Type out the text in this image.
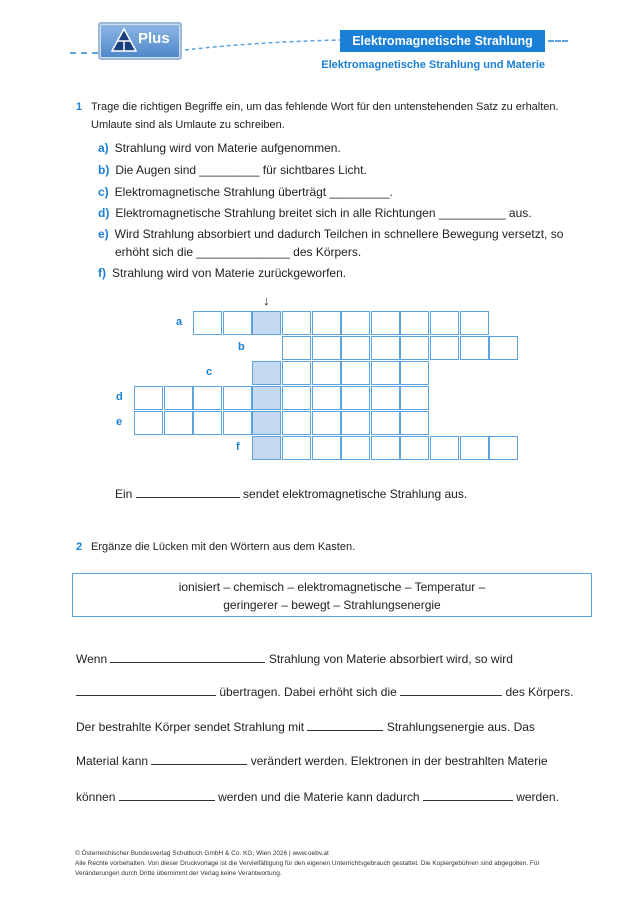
Plus	Elektromagnetische Strahlung
Elektromagnetische Strahlung und Materie
1 Trage die richtigen Begriffe ein, um das fehlende Wort für den untenstehenden Satz zu erhalten.
Umlaute sind als Umlaute zu schreiben.
a) Strahlung wird von Materie aufgenommen.
b) Die Augen sind _________ für sichtbares Licht.
c) Elektromagnetische Strahlung überträgt _________.
d) Elektromagnetische Strahlung breitet sich in alle Richtungen __________ aus.
e) Wird Strahlung absorbiert und dadurch Teilchen in schnellere Bewegung versetzt, so
erhöht sich die ______________ des Körpers.
f) Strahlung wird von Materie zurückgeworfen.
↓
a
b
c
d
e
f
Ein	sendet elektromagnetische Strahlung aus.
2 Ergänze die Lücken mit den Wörtern aus dem Kasten.
ionisiert – chemisch – elektromagnetische – Temperatur –
geringerer – bewegt – Strahlungsenergie
Wenn	Strahlung von Materie absorbiert wird, so wird
übertragen. Dabei erhöht sich die	des Körpers.
Der bestrahlte Körper sendet Strahlung mit	Strahlungsenergie aus. Das
Material kann	verändert werden. Elektronen in der bestrahlten Materie
können	werden und die Materie kann dadurch	werden.
© Österreichischer Bundesverlag Schulbuch GmbH & Co. KG, Wien 2026 | www.oebv.at
Alle Rechte vorbehalten. Von dieser Druckvorlage ist die Vervielfältigung für den eigenen Unterrichtsgebrauch gestattet. Die Kopiergebühren sind abgegolten. Für
Veränderungen durch Dritte übernimmt der Verlag keine Verantwortung.
